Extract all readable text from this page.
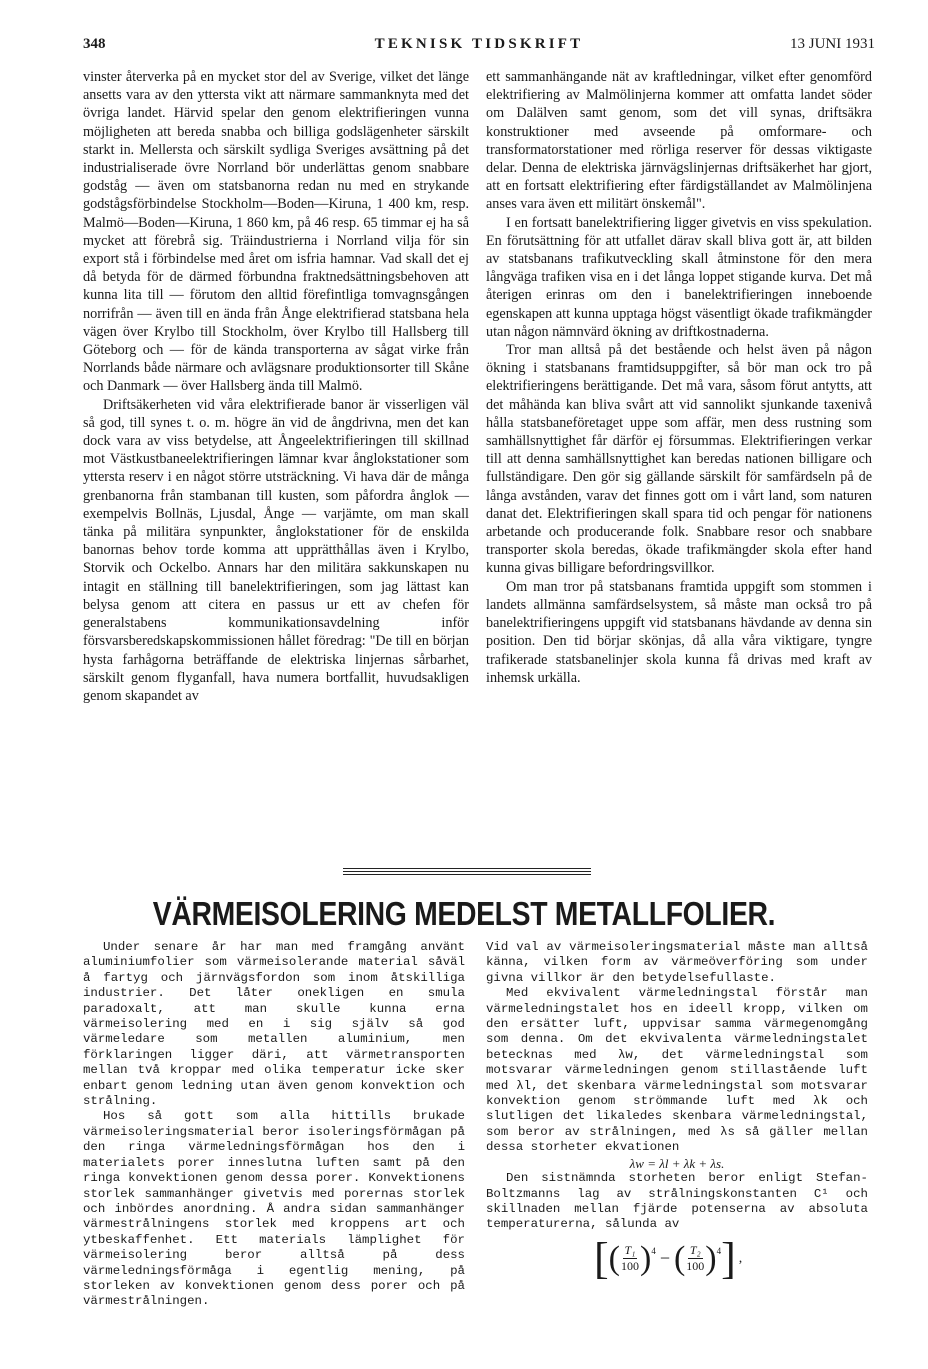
348	TEKNISK TIDSKRIFT	13 JUNI 1931

vinster återverka på en mycket stor del av Sverige, vilket det länge ansetts vara av den yttersta vikt att närmare sammanknyta med det övriga landet. Härvid spelar den genom elektrifieringen vunna möjligheten att bereda snabba och billiga godslägenheter särskilt starkt in. Mellersta och särskilt sydliga Sveriges avsättning på det industrialiserade övre Norrland bör underlättas genom snabbare godståg — även om statsbanorna redan nu med en strykande godstågsförbindelse Stockholm—Boden—Kiruna, 1 400 km, resp. Malmö—Boden—Kiruna, 1 860 km, på 46 resp. 65 timmar ej ha så mycket att förebrå sig. Träindustrierna i Norrland vilja för sin export stå i förbindelse med året om isfria hamnar. Vad skall det ej då betyda för de därmed förbundna fraktnedsättningsbehoven att kunna lita till — förutom den alltid förefintliga tomvagnsgången norrifrån — även till en ända från Ånge elektrifierad statsbana hela vägen över Krylbo till Stockholm, över Krylbo till Hallsberg till Göteborg och — för de kända transporterna av sågat virke från Norrlands både närmare och avlägsnare produktionsorter till Skåne och Danmark — över Hallsberg ända till Malmö.

Driftsäkerheten vid våra elektrifierade banor är visserligen väl så god, till synes t. o. m. högre än vid de ångdrivna, men det kan dock vara av viss betydelse, att Ångeelektrifieringen till skillnad mot Västkustbaneelektrifieringen lämnar kvar ånglokstationer som yttersta reserv i en något större utsträckning. Vi hava där de många grenbanorna från stambanan till kusten, som påfordra ånglok — exempelvis Bollnäs, Ljusdal, Ånge — varjämte, om man skall tänka på militära synpunkter, ånglokstationer för de enskilda banornas behov torde komma att upprätthållas även i Krylbo, Storvik och Ockelbo. Annars har den militära sakkunskapen nu intagit en ställning till banelektrifieringen, som jag lättast kan belysa genom att citera en passus ur ett av chefen för generalstabens kommunikationsavdelning inför försvarsberedskapskommissionen hållet föredrag: "De till en början hysta farhågorna beträffande de elektriska linjernas sårbarhet, särskilt genom flyganfall, hava numera bortfallit, huvudsakligen genom skapandet av

ett sammanhängande nät av kraftledningar, vilket efter genomförd elektrifiering av Malmölinjerna kommer att omfatta landet söder om Dalälven samt genom, som det vill synas, driftsäkra konstruktioner med avseende på omformare- och transformatorstationer med rörliga reserver för dessas viktigaste delar. Denna de elektriska järnvägslinjernas driftsäkerhet har gjort, att en fortsatt elektrifiering efter färdigställandet av Malmölinjena anses vara även ett militärt önskemål".

I en fortsatt banelektrifiering ligger givetvis en viss spekulation. En förutsättning för att utfallet därav skall bliva gott är, att bilden av statsbanans trafikutveckling skall åtminstone för den mera långväga trafiken visa en i det långa loppet stigande kurva. Det må återigen erinras om den i banelektrifieringen inneboende egenskapen att kunna upptaga högst väsentligt ökade trafikmängder utan någon nämnvärd ökning av driftkostnaderna.

Tror man alltså på det bestående och helst även på någon ökning i statsbanans framtidsuppgifter, så bör man ock tro på elektrifieringens berättigande. Det må vara, såsom förut antytts, att det måhända kan bliva svårt att vid sannolikt sjunkande taxenivå hålla statsbaneföretaget uppe som affär, men dess rustning som samhällsnyttighet får därför ej försummas. Elektrifieringen verkar till att denna samhällsnyttighet kan beredas nationen billigare och fullständigare. Den gör sig gällande särskilt för samfärdseln på de långa avstånden, varav det finnes gott om i vårt land, som naturen danat det. Elektrifieringen skall spara tid och pengar för nationens arbetande och producerande folk. Snabbare resor och snabbare transporter skola beredas, ökade trafikmängder skola efter hand kunna givas billigare befordringsvillkor.

Om man tror på statsbanans framtida uppgift som stommen i landets allmänna samfärdselsystem, så måste man också tro på banelektrifieringens uppgift vid statsbanans hävdande av denna sin position. Den tid börjar skönjas, då alla våra viktigare, tyngre trafikerade statsbanelinjer skola kunna få drivas med kraft av inhemsk urkälla.

VÄRMEISOLERING MEDELST METALLFOLIER.

Under senare år har man med framgång använt aluminiumfolier som värmeisolerande material såväl å fartyg och järnvägsfordon som inom åtskilliga industrier. Det låter onekligen en smula paradoxalt, att man skulle kunna erna värmeisolering med en i sig själv så god värmeledare som metallen aluminium, men förklaringen ligger däri, att värmetransporten mellan två kroppar med olika temperatur icke sker enbart genom ledning utan även genom konvektion och strålning.

Hos så gott som alla hittills brukade värmeisoleringsmaterial beror isoleringsförmågan på den ringa värmeledningsförmågan hos den i materialets porer inneslutna luften samt på den ringa konvektionen genom dessa porer. Konvektionens storlek sammanhänger givetvis med porernas storlek och inbördes anordning. Å andra sidan sammanhänger värmestrålningens storlek med kroppens art och ytbeskaffenhet. Ett materials lämplighet för värmeisolering beror alltså på dess värmeledningsförmåga i egentlig mening, på storleken av konvektionen genom dess porer och på värmestrålningen.

Vid val av värmeisoleringsmaterial måste man alltså känna, vilken form av värmeöverföring som under givna villkor är den betydelsefullaste.

Med ekvivalent värmeledningstal förstår man värmeledningstalet hos en ideell kropp, vilken om den ersätter luft, uppvisar samma värmegenomgång som denna. Om det ekvivalenta värmeledningstalet betecknas med λw, det värmeledningstal som motsvarar värmeledningen genom stillastående luft med λl, det skenbara värmeledningstal som motsvarar konvektion genom strömmande luft med λk och slutligen det likaledes skenbara värmeledningstal, som beror av strålningen, med λs så gäller mellan dessa storheter ekvationen

λw = λl + λk + λs.

Den sistnämnda storheten beror enligt Stefan-Boltzmanns lag av strålningskonstanten C¹ och skillnaden mellan fjärde potenserna av absoluta temperaturerna, sålunda av

[ ( $\frac{\text{T₁}}{100}$ ) 4 − ( $\frac{\text{T₂}}{100}$ ) 4 ] ,
